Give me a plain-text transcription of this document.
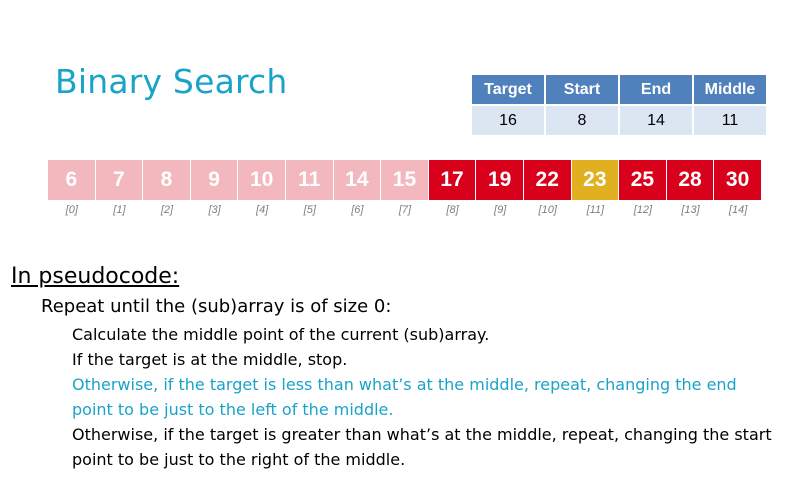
Binary Search	Target	Start	End	Middle
16	8	14	11
6	7	8	9	10	11	14	15	17	19	22	23	25	28	30
[0]	[1]	[2]	[3]	[4]	[5]	[6]	[7]	[8]	[9]	[10]	[11]	[12]	[13]	[14]
In pseudocode:
Repeat until the (sub)array is of size 0:
Calculate the middle point of the current (sub)array.
If the target is at the middle, stop.
Otherwise, if the target is less than what’s at the middle, repeat, changing the end
point to be just to the left of the middle.
Otherwise, if the target is greater than what’s at the middle, repeat, changing the start
point to be just to the right of the middle.
